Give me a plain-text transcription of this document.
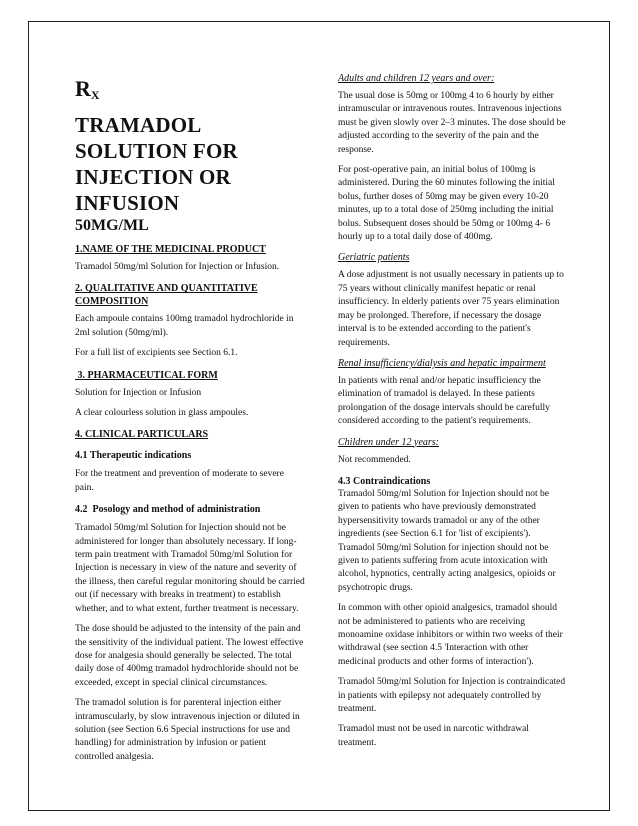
$R_X$
TRAMADOL
SOLUTION FOR
INJECTION OR
INFUSION
50MG/ML
1.NAME OF THE MEDICINAL PRODUCT

Tramadol 50mg/ml Solution for Injection or Infusion.

2. QUALITATIVE AND QUANTITATIVE COMPOSITION

Each ampoule contains 100mg tramadol hydrochloride in 2ml solution (50mg/ml).

For a full list of excipients see Section 6.1.

3. PHARMACEUTICAL FORM

Solution for Injection or Infusion

A clear colourless solution in glass ampoules.

4. CLINICAL PARTICULARS
4.1 Therapeutic indications

For the treatment and prevention of moderate to severe pain.

4.2  Posology and method of administration

Tramadol 50mg/ml Solution for Injection should not be administered for longer than absolutely necessary. If long-term pain treatment with Tramadol 50mg/ml Solution for Injection is necessary in view of the nature and severity of the illness, then careful regular monitoring should be carried out (if necessary with breaks in treatment) to establish whether, and to what extent, further treatment is necessary.

The dose should be adjusted to the intensity of the pain and the sensitivity of the individual patient. The lowest effective dose for analgesia should generally be selected. The total daily dose of 400mg tramadol hydrochloride should not be exceeded, except in special clinical circumstances.

The tramadol solution is for parenteral injection either intramuscularly, by slow intravenous injection or diluted in solution (see Section 6.6 Special instructions for use and handling) for administration by infusion or patient controlled analgesia.

Adults and children 12 years and over:

The usual dose is 50mg or 100mg 4 to 6 hourly by either intramuscular or intravenous routes. Intravenous injections must be given slowly over 2–3 minutes. The dose should be adjusted according to the severity of the pain and the response.

For post-operative pain, an initial bolus of 100mg is administered. During the 60 minutes following the initial bolus, further doses of 50mg may be given every 10-20 minutes, up to a total dose of 250mg including the initial bolus. Subsequent doses should be 50mg or 100mg 4- 6 hourly up to a total daily dose of 400mg.

Geriatric patients

A dose adjustment is not usually necessary in patients up to 75 years without clinically manifest hepatic or renal insufficiency. In elderly patients over 75 years elimination may be prolonged. Therefore, if necessary the dosage interval is to be extended according to the patient's requirements.

Renal insufficiency/dialysis and hepatic impairment

In patients with renal and/or hepatic insufficiency the elimination of tramadol is delayed. In these patients prolongation of the dosage intervals should be carefully considered according to the patient's requirements.

Children under 12 years:

Not recommended.

4.3 Contraindications

Tramadol 50mg/ml Solution for Injection should not be given to patients who have previously demonstrated hypersensitivity towards tramadol or any of the other ingredients (see Section 6.1 for 'list of excipients'). Tramadol 50mg/ml Solution for injection should not be given to patients suffering from acute intoxication with alcohol, hypnotics, centrally acting analgesics, opioids or psychotropic drugs.

In common with other opioid analgesics, tramadol should not be administered to patients who are receiving monoamine oxidase inhibitors or within two weeks of their withdrawal (see section 4.5 'Interaction with other medicinal products and other forms of interaction').

Tramadol 50mg/ml Solution for Injection is contraindicated in patients with epilepsy not adequately controlled by treatment.

Tramadol must not be used in narcotic withdrawal treatment.
